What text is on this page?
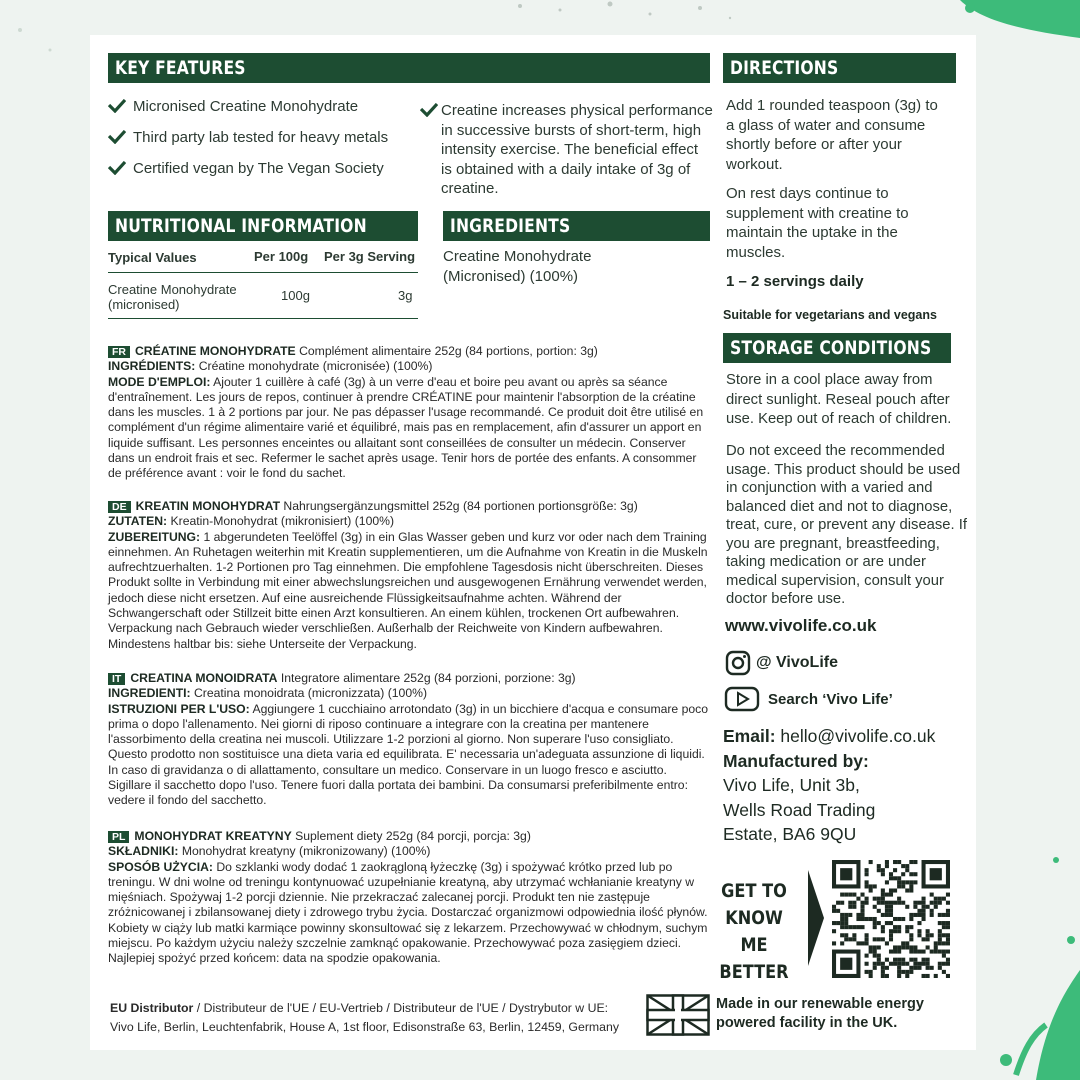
KEY FEATURES
Micronised Creatine Monohydrate
Third party lab tested for heavy metals
Certified vegan by The Vegan Society
Creatine increases physical performance in successive bursts of short-term, high intensity exercise. The beneficial effect is obtained with a daily intake of 3g of creatine.
NUTRITIONAL INFORMATION
Typical Values	Per 100g Per 3g Serving
Creatine Monohydrate
(micronised)
100g	3g
INGREDIENTS
Creatine Monohydrate
(Micronised) (100%)
DIRECTIONS
Add 1 rounded teaspoon (3g) to a glass of water and consume shortly before or after your workout.
On rest days continue to supplement with creatine to maintain the uptake in the muscles.
1 – 2 servings daily
Suitable for vegetarians and vegans
STORAGE CONDITIONS
Store in a cool place away from direct sunlight. Reseal pouch after use. Keep out of reach of children.
Do not exceed the recommended usage. This product should be used in conjunction with a varied and balanced diet and not to diagnose, treat, cure, or prevent any disease. If you are pregnant, breastfeeding, taking medication or are under medical supervision, consult your doctor before use.
www.vivolife.co.uk
@ VivoLife
Search ‘Vivo Life’
Email: hello@vivolife.co.uk
Manufactured by:
Vivo Life, Unit 3b,
Wells Road Trading
Estate, BA6 9QU
GET TO
KNOW ME
BETTER
Made in our renewable energy powered facility in the UK.
FR CRÉATINE MONOHYDRATE Complément alimentaire 252g (84 portions, portion: 3g)
INGRÉDIENTS: Créatine monohydrate (micronisée) (100%)
MODE D'EMPLOI: Ajouter 1 cuillère à café (3g) à un verre d'eau et boire peu avant ou après sa séance d'entraînement. Les jours de repos, continuer à prendre CRÉATINE pour maintenir l'absorption de la créatine dans les muscles. 1 à 2 portions par jour. Ne pas dépasser l'usage recommandé. Ce produit doit être utilisé en complément d'un régime alimentaire varié et équilibré, mais pas en remplacement, afin d'assurer un apport en liquide suffisant. Les personnes enceintes ou allaitant sont conseillées de consulter un médecin. Conserver dans un endroit frais et sec. Refermer le sachet après usage. Tenir hors de portée des enfants. A consommer de préférence avant : voir le fond du sachet.
DE KREATIN MONOHYDRAT Nahrungsergänzungsmittel 252g (84 portionen portionsgröße: 3g)
ZUTATEN: Kreatin-Monohydrat (mikronisiert) (100%)
ZUBEREITUNG: 1 abgerundeten Teelöffel (3g) in ein Glas Wasser geben und kurz vor oder nach dem Training einnehmen. An Ruhetagen weiterhin mit Kreatin supplementieren, um die Aufnahme von Kreatin in die Muskeln aufrechtzuerhalten. 1-2 Portionen pro Tag einnehmen. Die empfohlene Tagesdosis nicht überschreiten. Dieses Produkt sollte in Verbindung mit einer abwechslungsreichen und ausgewogenen Ernährung verwendet werden, jedoch diese nicht ersetzen. Auf eine ausreichende Flüssigkeitsaufnahme achten. Während der Schwangerschaft oder Stillzeit bitte einen Arzt konsultieren. An einem kühlen, trockenen Ort aufbewahren. Verpackung nach Gebrauch wieder verschließen. Außerhalb der Reichweite von Kindern aufbewahren. Mindestens haltbar bis: siehe Unterseite der Verpackung.
IT CREATINA MONOIDRATA Integratore alimentare 252g (84 porzioni, porzione: 3g)
INGREDIENTI: Creatina monoidrata (micronizzata) (100%)
ISTRUZIONI PER L'USO: Aggiungere 1 cucchiaino arrotondato (3g) in un bicchiere d'acqua e consumare poco prima o dopo l'allenamento. Nei giorni di riposo continuare a integrare con la creatina per mantenere l'assorbimento della creatina nei muscoli. Utilizzare 1-2 porzioni al giorno. Non superare l'uso consigliato. Questo prodotto non sostituisce una dieta varia ed equilibrata. E' necessaria un'adeguata assunzione di liquidi. In caso di gravidanza o di allattamento, consultare un medico. Conservare in un luogo fresco e asciutto. Sigillare il sacchetto dopo l'uso. Tenere fuori dalla portata dei bambini. Da consumarsi preferibilmente entro: vedere il fondo del sacchetto.
PL MONOHYDRAT KREATYNY Suplement diety 252g (84 porcji, porcja: 3g)
SKŁADNIKI: Monohydrat kreatyny (mikronizowany) (100%)
SPOSÓB UŻYCIA: Do szklanki wody dodać 1 zaokrągloną łyżeczkę (3g) i spożywać krótko przed lub po treningu. W dni wolne od treningu kontynuować uzupełnianie kreatyną, aby utrzymać wchłanianie kreatyny w mięśniach. Spożywaj 1-2 porcji dziennie. Nie przekraczać zalecanej porcji. Produkt ten nie zastępuje zróżnicowanej i zbilansowanej diety i zdrowego trybu życia. Dostarczać organizmowi odpowiednia ilość płynów. Kobiety w ciąży lub matki karmiące powinny skonsultować się z lekarzem. Przechowywać w chłodnym, suchym miejscu. Po każdym użyciu należy szczelnie zamknąć opakowanie. Przechowywać poza zasięgiem dzieci. Najlepiej spożyć przed końcem: data na spodzie opakowania.
EU Distributor / Distributeur de l'UE / EU-Vertrieb / Distributeur de l'UE / Dystrybutor w UE:
Vivo Life, Berlin, Leuchtenfabrik, House A, 1st floor, Edisonstraße 63, Berlin, 12459, Germany
